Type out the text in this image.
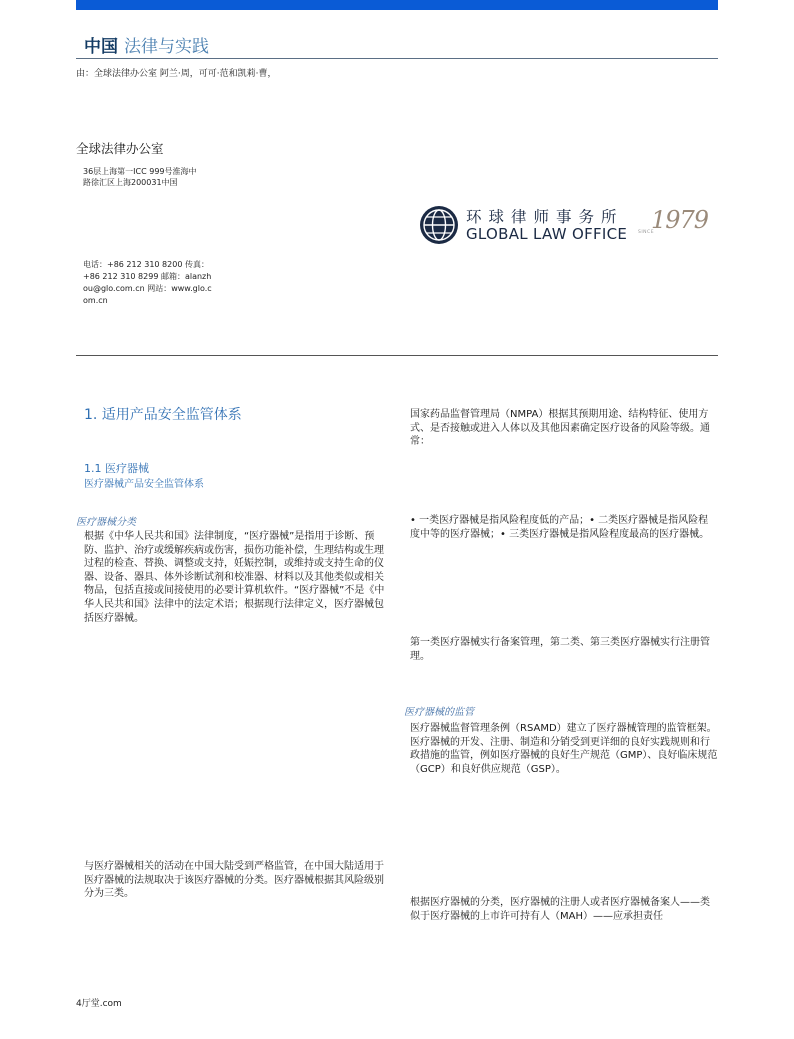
中国 法律与实践
由：全球法律办公室 阿兰·周，可可·范和凯莉·曹，
全球法律办公室
36层上海第一ICC 999号淮海中
路徐汇区上海200031中国
电话：+86 212 310 8200 传真：+86 212 310 8299 邮箱：alanzhou@glo.com.cn 网站：www.glo.com.cn
环球律师事务所
GLOBAL LAW OFFICE SINCE
1979
1. 适用产品安全监管体系
1.1 医疗器械
医疗器械产品安全监管体系
医疗器械分类
根据《中华人民共和国》法律制度，“医疗器械”是指用于诊断、预防、监护、治疗或缓解疾病或伤害，损伤功能补偿，生理结构或生理过程的检查、替换、调整或支持，妊娠控制，或维持或支持生命的仪器、设备、器具、体外诊断试剂和校准器、材料以及其他类似或相关物品，包括直接或间接使用的必要计算机软件。“医疗器械”不是《中华人民共和国》法律中的法定术语；根据现行法律定义，医疗器械包括医疗器械。
与医疗器械相关的活动在中国大陆受到严格监管，在中国大陆适用于医疗器械的法规取决于该医疗器械的分类。医疗器械根据其风险级别分为三类。
国家药品监督管理局（NMPA）根据其预期用途、结构特征、使用方式、是否接触或进入人体以及其他因素确定医疗设备的风险等级。通常：
• 一类医疗器械是指风险程度低的产品；• 二类医疗器械是指风险程度中等的医疗器械；• 三类医疗器械是指风险程度最高的医疗器械。
第一类医疗器械实行备案管理，第二类、第三类医疗器械实行注册管理。
医疗器械的监管
医疗器械监督管理条例（RSAMD）建立了医疗器械管理的监管框架。医疗器械的开发、注册、制造和分销受到更详细的良好实践规则和行政措施的监管，例如医疗器械的良好生产规范（GMP）、良好临床规范（GCP）和良好供应规范（GSP）。
根据医疗器械的分类，医疗器械的注册人或者医疗器械备案人——类似于医疗器械的上市许可持有人（MAH）——应承担责任
4厅堂.com
